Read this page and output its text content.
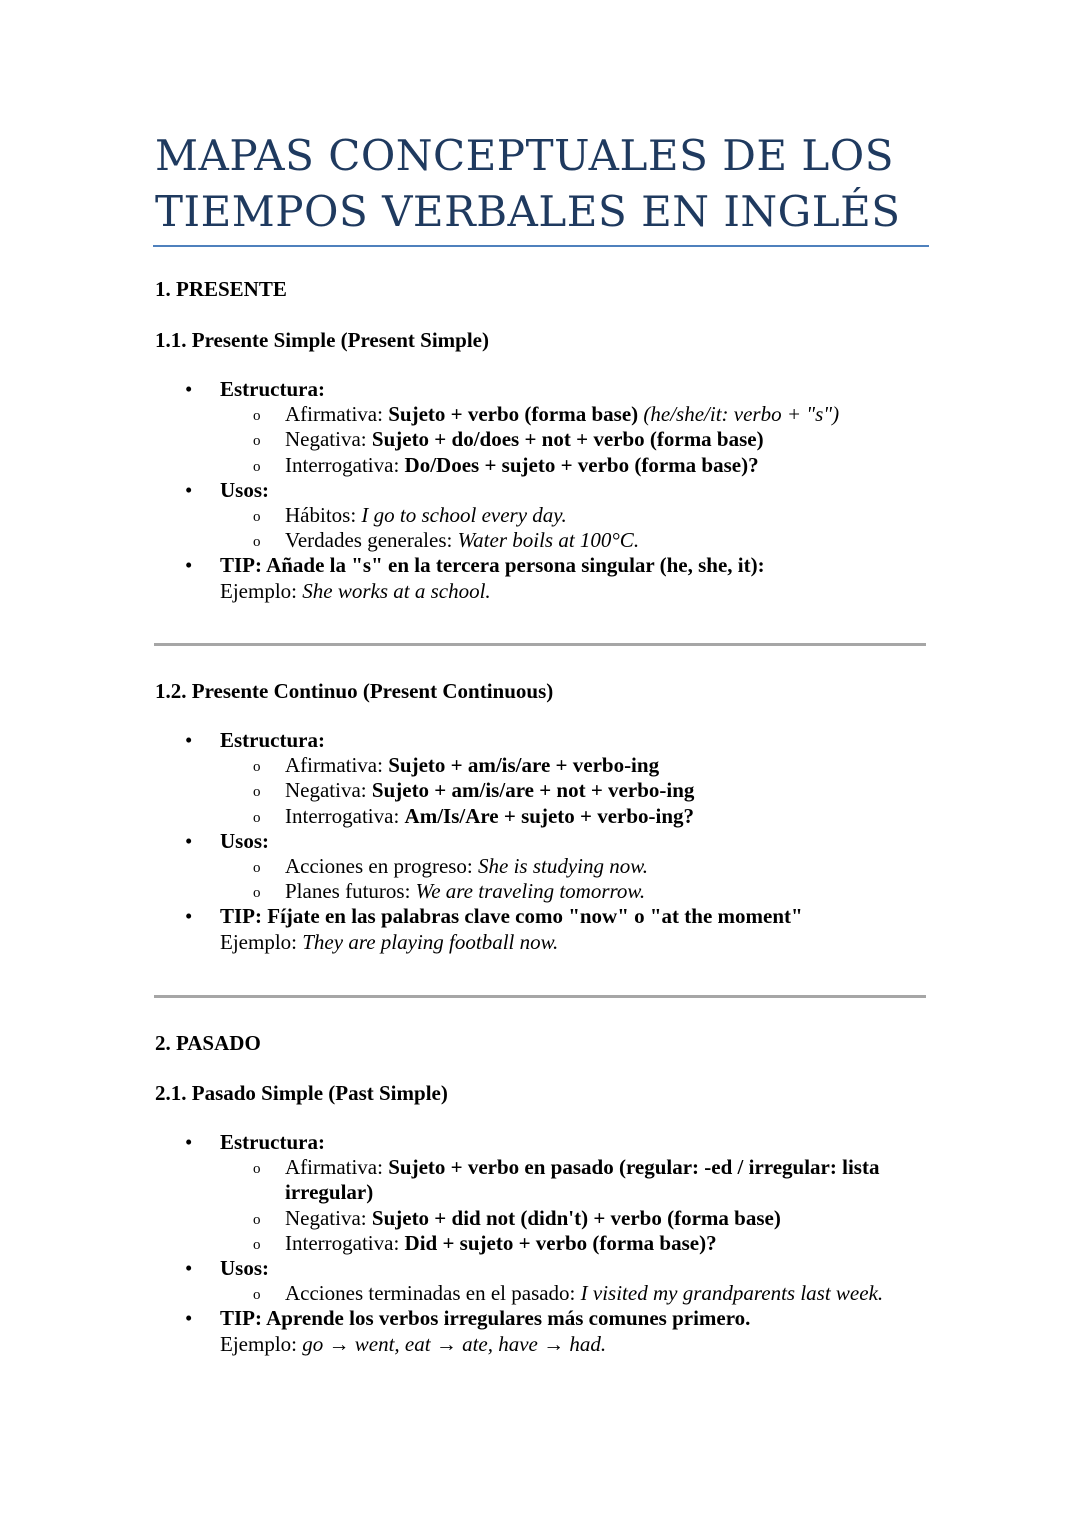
MAPAS CONCEPTUALES DE LOS
TIEMPOS VERBALES EN INGLÉS
1. PRESENTE
1.1. Presente Simple (Present Simple)
• Estructura:
o Afirmativa: Sujeto + verbo (forma base) (he/she/it: verbo + "s")
o Negativa: Sujeto + do/does + not + verbo (forma base)
o Interrogativa: Do/Does + sujeto + verbo (forma base)?
• Usos:
o Hábitos: I go to school every day.
o Verdades generales: Water boils at 100°C.
• TIP: Añade la "s" en la tercera persona singular (he, she, it):
Ejemplo: She works at a school.
1.2. Presente Continuo (Present Continuous)
• Estructura:
o Afirmativa: Sujeto + am/is/are + verbo-ing
o Negativa: Sujeto + am/is/are + not + verbo-ing
o Interrogativa: Am/Is/Are + sujeto + verbo-ing?
• Usos:
o Acciones en progreso: She is studying now.
o Planes futuros: We are traveling tomorrow.
• TIP: Fíjate en las palabras clave como "now" o "at the moment"
Ejemplo: They are playing football now.
2. PASADO
2.1. Pasado Simple (Past Simple)
• Estructura:
o Afirmativa: Sujeto + verbo en pasado (regular: -ed / irregular: lista
irregular)
o Negativa: Sujeto + did not (didn't) + verbo (forma base)
o Interrogativa: Did + sujeto + verbo (forma base)?
• Usos:
o Acciones terminadas en el pasado: I visited my grandparents last week.
• TIP: Aprende los verbos irregulares más comunes primero.
Ejemplo: go → went, eat → ate, have → had.
